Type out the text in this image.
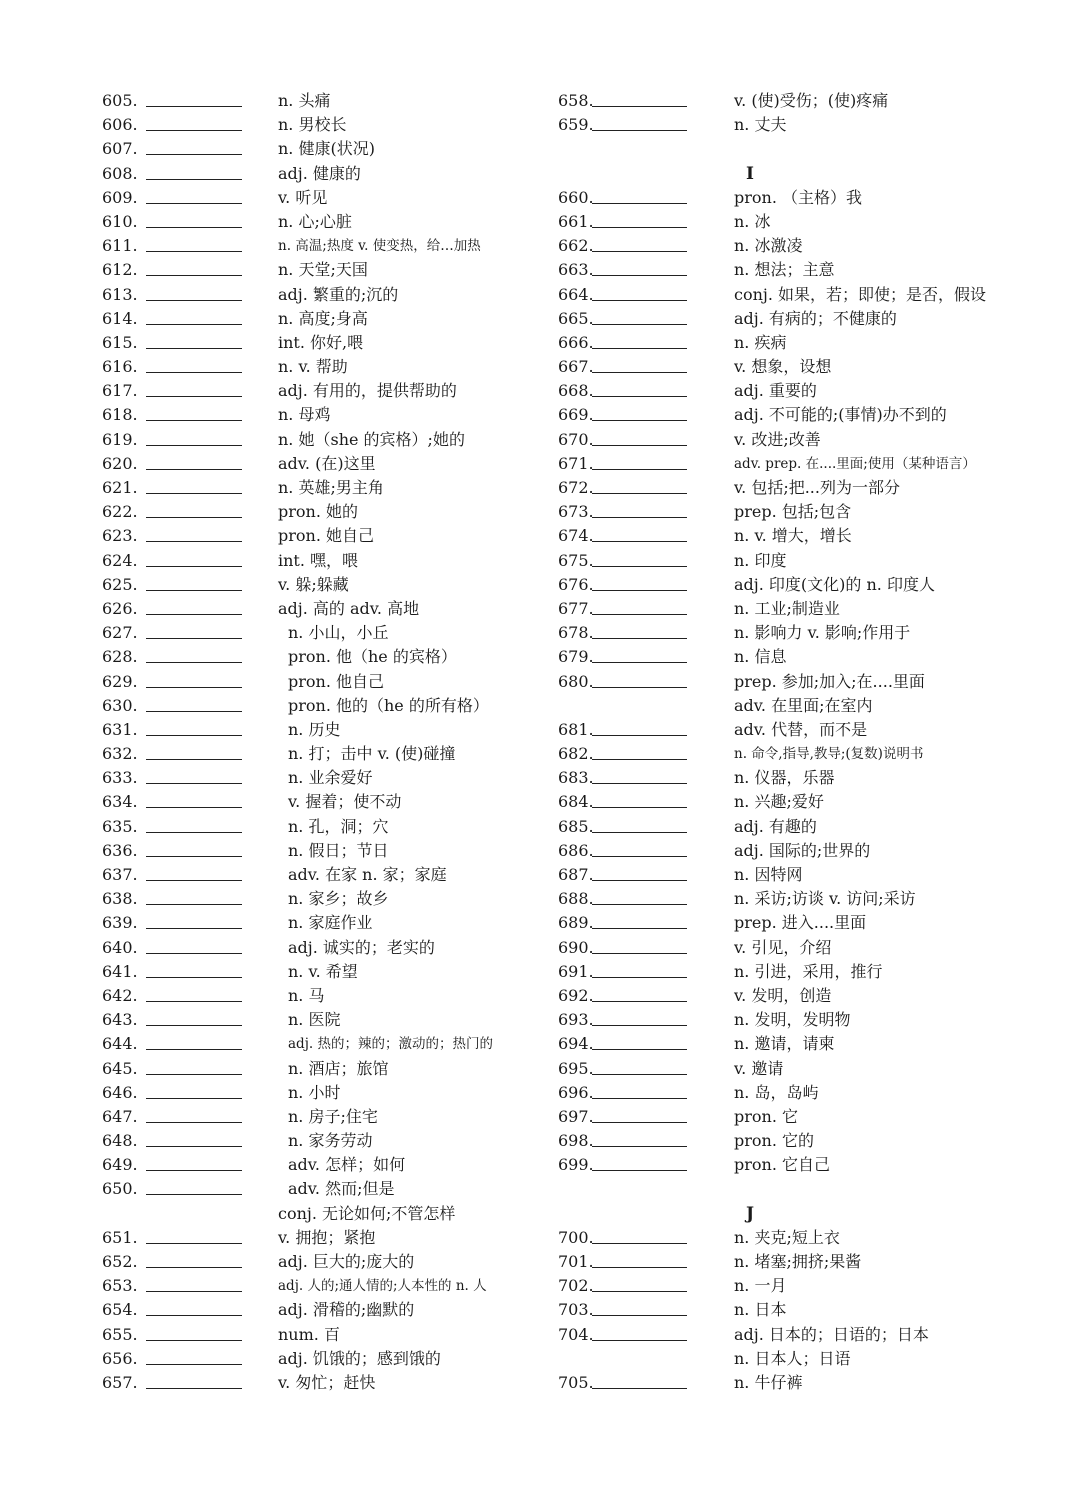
605.	n. 头痛
606.	n. 男校长
607.	n. 健康(状况)
608.	adj. 健康的
609.	v. 听见
610.	n. 心;心脏
611.	n. 高温;热度 v. 使变热，给…加热
612.	n. 天堂;天国
613.	adj. 繁重的;沉的
614.	n. 高度;身高
615.	int. 你好,喂
616.	n. v. 帮助
617.	adj. 有用的，提供帮助的
618.	n. 母鸡
619.	n. 她（she 的宾格）;她的
620.	adv. (在)这里
621.	n. 英雄;男主角
622.	pron. 她的
623.	pron. 她自己
624.	int. 嘿，喂
625.	v. 躲;躲藏
626.	adj. 高的 adv. 高地
627.	n. 小山，小丘
628.	pron. 他（he 的宾格）
629.	pron. 他自己
630.	pron. 他的（he 的所有格）
631.	n. 历史
632.	n. 打；击中 v. (使)碰撞
633.	n. 业余爱好
634.	v. 握着；使不动
635.	n. 孔，洞；穴
636.	n. 假日；节日
637.	adv. 在家 n. 家；家庭
638.	n. 家乡；故乡
639.	n. 家庭作业
640.	adj. 诚实的；老实的
641.	n. v. 希望
642.	n. 马
643.	n. 医院
644.	adj. 热的；辣的；激动的；热门的
645.	n. 酒店；旅馆
646.	n. 小时
647.	n. 房子;住宅
648.	n. 家务劳动
649.	adv. 怎样；如何
650.	adv. 然而;但是
conj. 无论如何;不管怎样
651.	v. 拥抱；紧抱
652.	adj. 巨大的;庞大的
653.	adj. 人的;通人情的;人本性的 n. 人
654.	adj. 滑稽的;幽默的
655.	num. 百
656.	adj. 饥饿的；感到饿的
657.	v. 匆忙；赶快
658.	v. (使)受伤；(使)疼痛
659.	n. 丈夫
I
660.	pron. （主格）我
661.	n. 冰
662.	n. 冰激凌
663.	n. 想法；主意
664.	conj. 如果，若；即使；是否，假设
665.	adj. 有病的；不健康的
666.	n. 疾病
667.	v. 想象，设想
668.	adj. 重要的
669.	adj. 不可能的;(事情)办不到的
670.	v. 改进;改善
671.	adv. prep. 在....里面;使用（某种语言）
672.	v. 包括;把...列为一部分
673.	prep. 包括;包含
674.	n. v. 增大，增长
675.	n. 印度
676.	adj. 印度(文化)的 n. 印度人
677.	n. 工业;制造业
678.	n. 影响力 v. 影响;作用于
679.	n. 信息
680.	prep. 参加;加入;在....里面
adv. 在里面;在室内
681.	adv. 代替，而不是
682.	n. 命令,指导,教导;(复数)说明书
683.	n. 仪器，乐器
684.	n. 兴趣;爱好
685.	adj. 有趣的
686.	adj. 国际的;世界的
687.	n. 因特网
688.	n. 采访;访谈 v. 访问;采访
689.	prep. 进入....里面
690.	v. 引见，介绍
691.	n. 引进，采用，推行
692.	v. 发明，创造
693.	n. 发明，发明物
694.	n. 邀请，请柬
695.	v. 邀请
696.	n. 岛，岛屿
697.	pron. 它
698.	pron. 它的
699.	pron. 它自己
J
700.	n. 夹克;短上衣
701.	n. 堵塞;拥挤;果酱
702.	n. 一月
703.	n. 日本
704.	adj. 日本的；日语的；日本
n. 日本人；日语
705.	n. 牛仔裤
